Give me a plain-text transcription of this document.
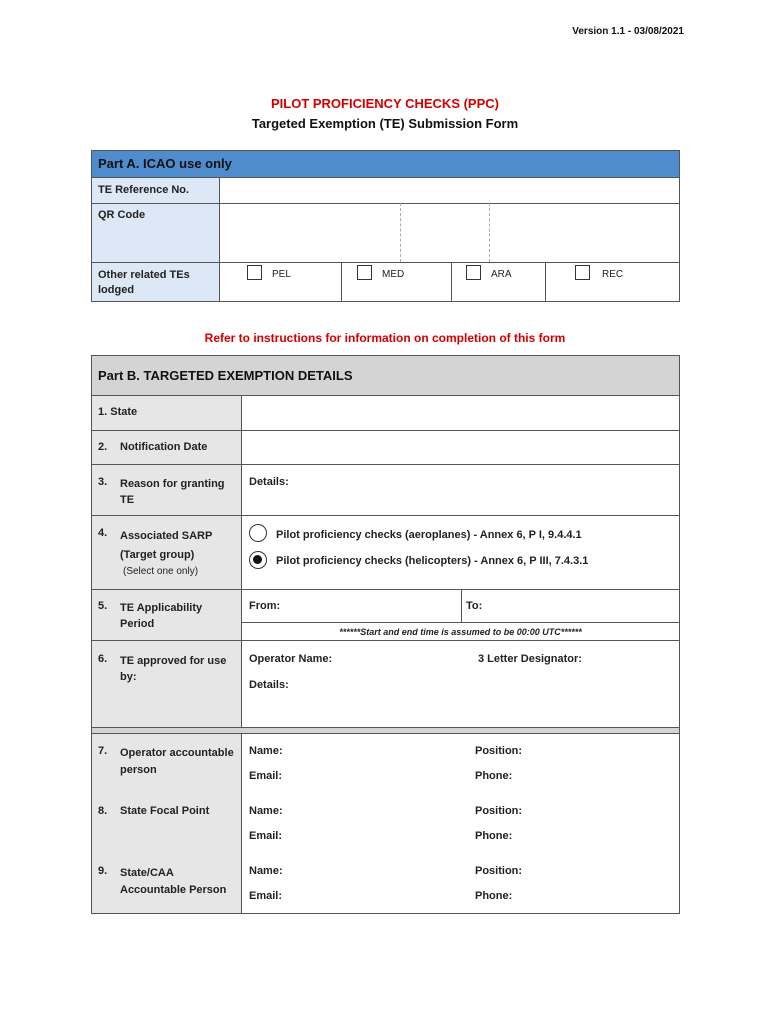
Version 1.1 - 03/08/2021
PILOT PROFICIENCY CHECKS (PPC)
Targeted Exemption (TE) Submission Form
Part A. ICAO use only
TE Reference No.
QR Code
Other related TEs
lodged
PEL	MED	ARA	REC
Refer to instructions for information on completion of this form
Part B. TARGETED EXEMPTION DETAILS
1. State
2. Notification Date
3. Reason for granting
TE
Details:
4. Associated SARP
(Target group)
(Select one only)
Pilot proficiency checks (aeroplanes) - Annex 6, P I, 9.4.4.1
Pilot proficiency checks (helicopters) - Annex 6, P III, 7.4.3.1
5. TE Applicability
Period
From:	To:
******Start and end time is assumed to be 00:00 UTC******
6. TE approved for use
by:
Operator Name:	3 Letter Designator:
Details:
7. Operator accountable
person
Name:	Position:
Email:	Phone:
8. State Focal Point	Name:	Position:
Email:	Phone:
9. State/CAA
Accountable Person
Name:	Position:
Email:	Phone:
